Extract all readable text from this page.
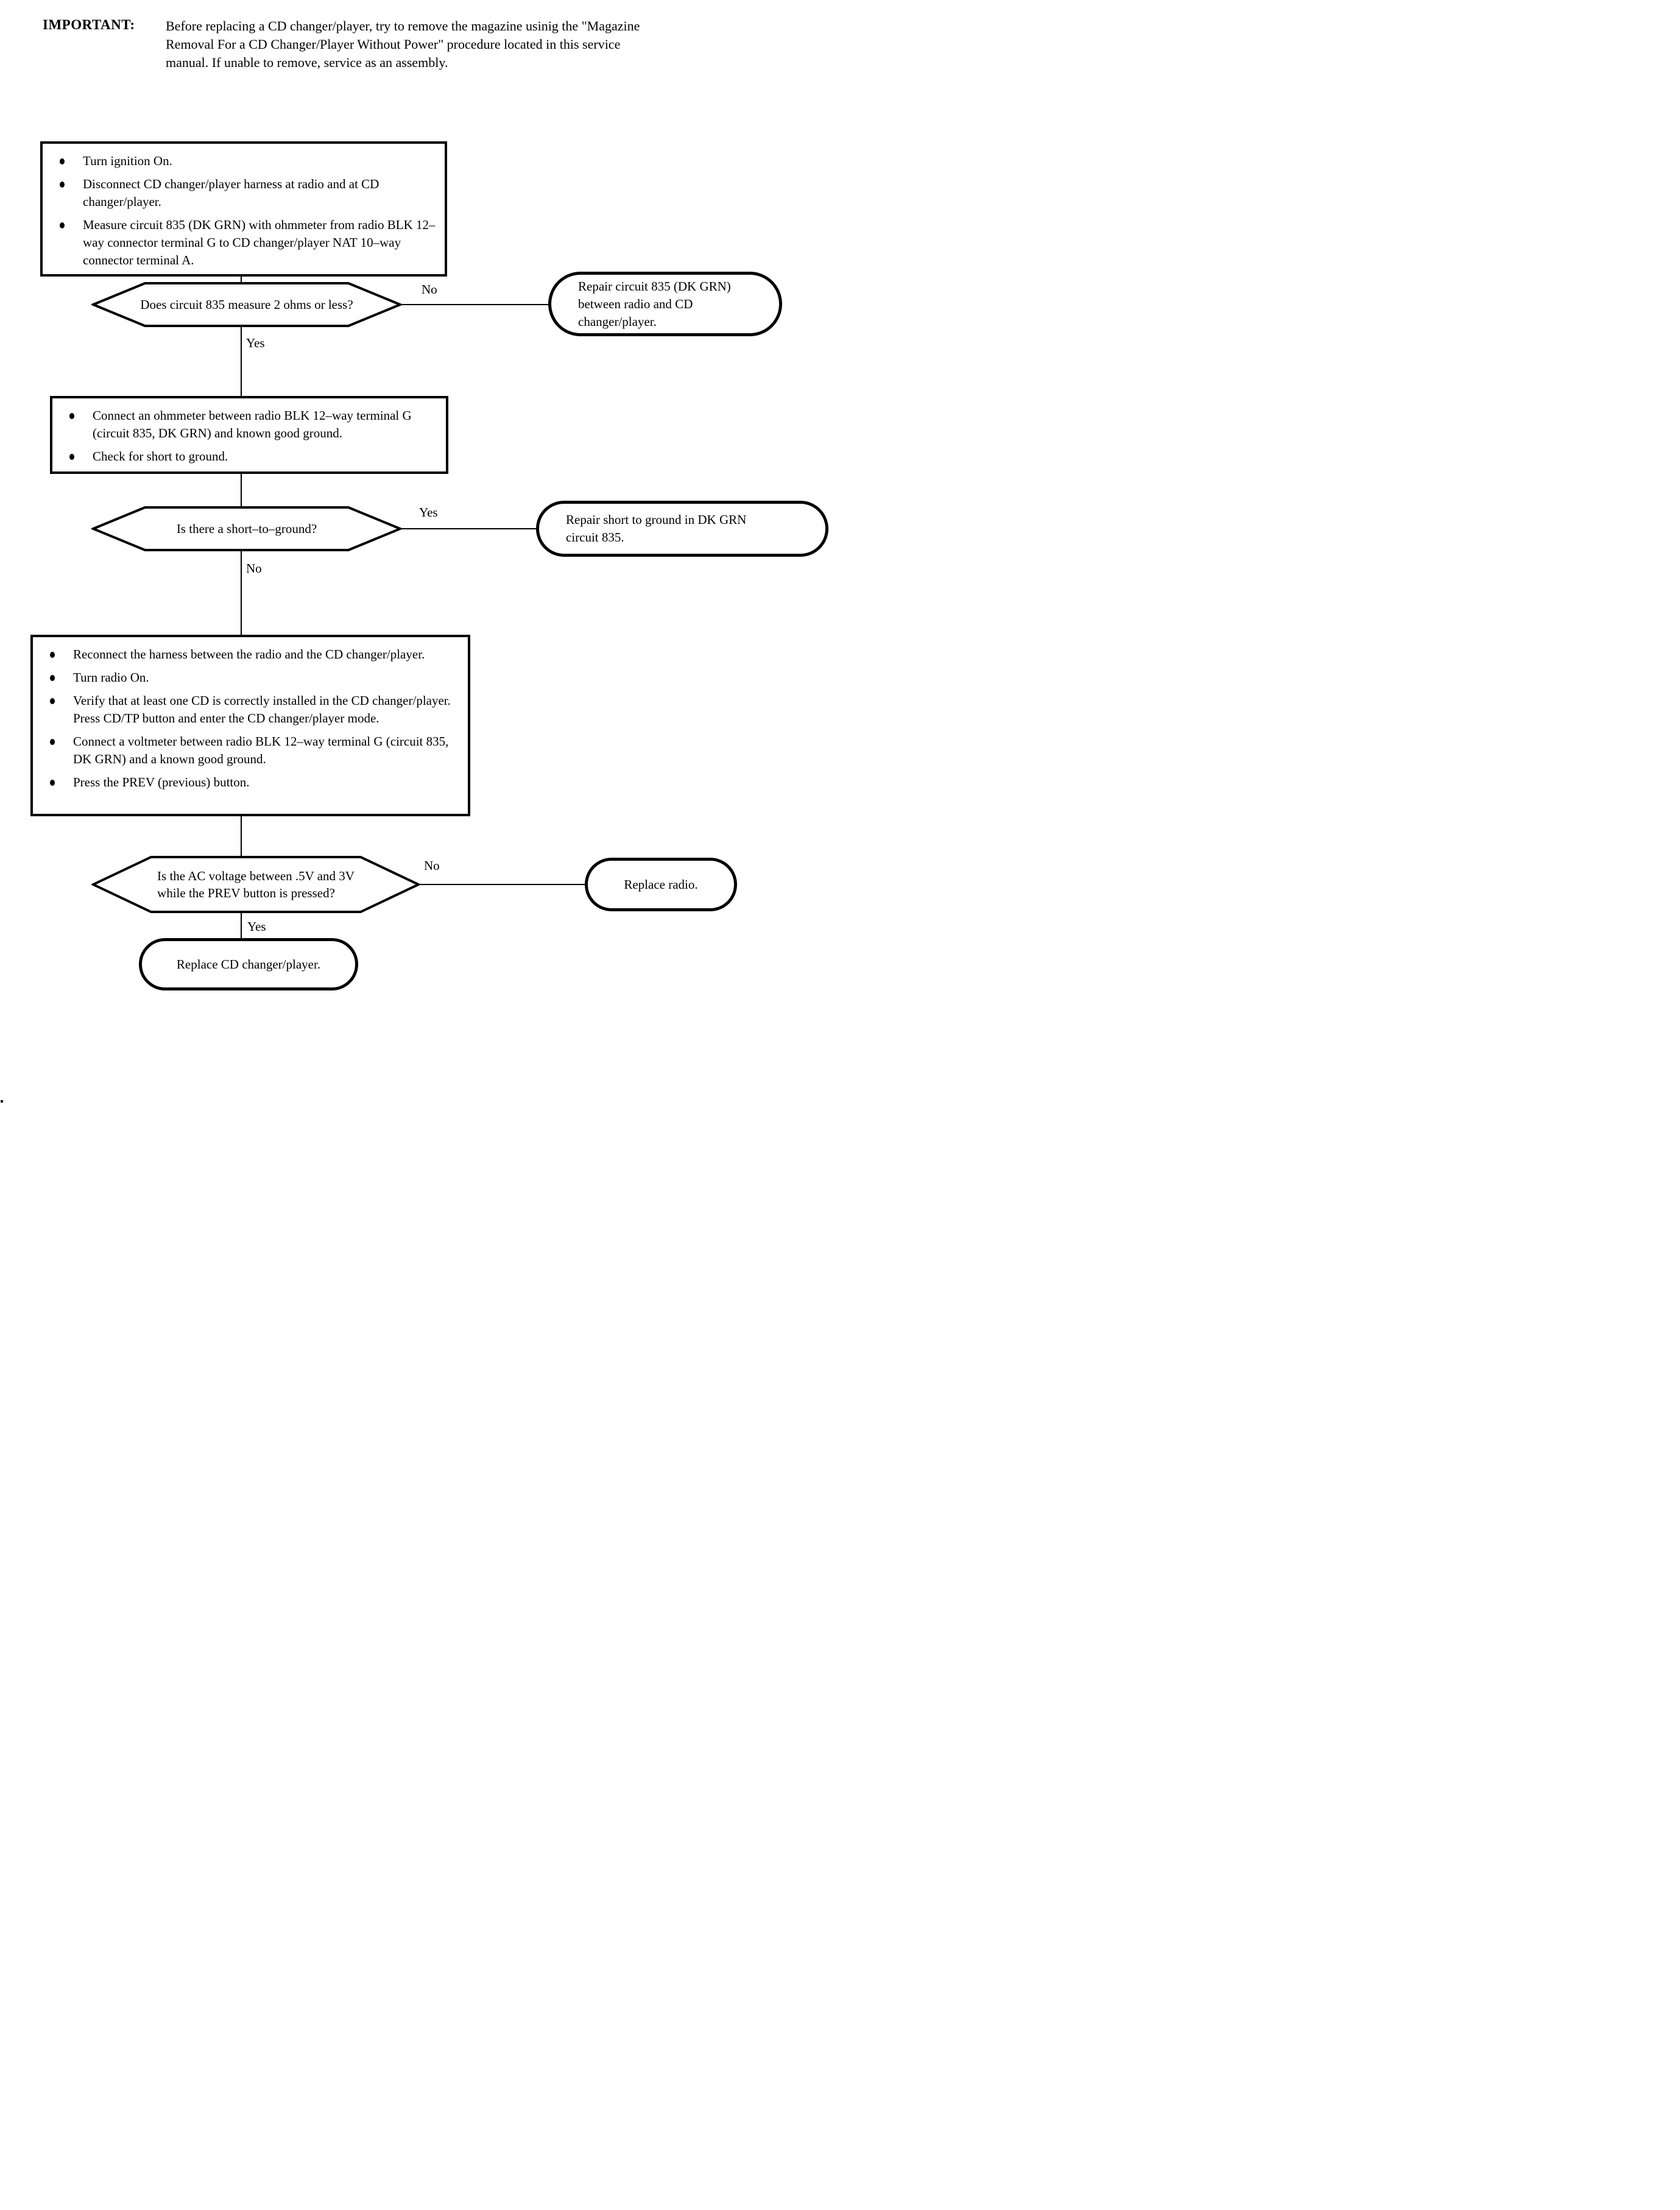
IMPORTANT: Before replacing a CD changer/player, try to remove the magazine usinig the "Magazine
Removal For a CD Changer/Player Without Power" procedure located in this service
manual. If unable to remove, service as an assembly.
Turn ignition On.
Disconnect CD changer/player harness at radio and at CD changer/player.
Measure circuit 835 (DK GRN) with ohmmeter from radio BLK 12–way connector terminal G to CD changer/player NAT 10–way connector terminal A.
Does circuit 835 measure 2 ohms or less?
No
Yes
Repair circuit 835 (DK GRN)
between radio and CD
changer/player.
Connect an ohmmeter between radio BLK 12–way terminal G (circuit 835, DK GRN) and known good ground.
Check for short to ground.
Is there a short–to–ground?
Yes
No
Repair short to ground in DK GRN
circuit 835.
Reconnect the harness between the radio and the CD changer/player.
Turn radio On.
Verify that at least one CD is correctly installed in the CD changer/player. Press CD/TP button and enter the CD changer/player mode.
Connect a voltmeter between radio BLK 12–way terminal G (circuit 835, DK GRN) and a known good ground.
Press the PREV (previous) button.
Is the AC voltage between .5V and 3V
while the PREV button is pressed?
No
Yes
Replace radio.
Replace CD changer/player.
